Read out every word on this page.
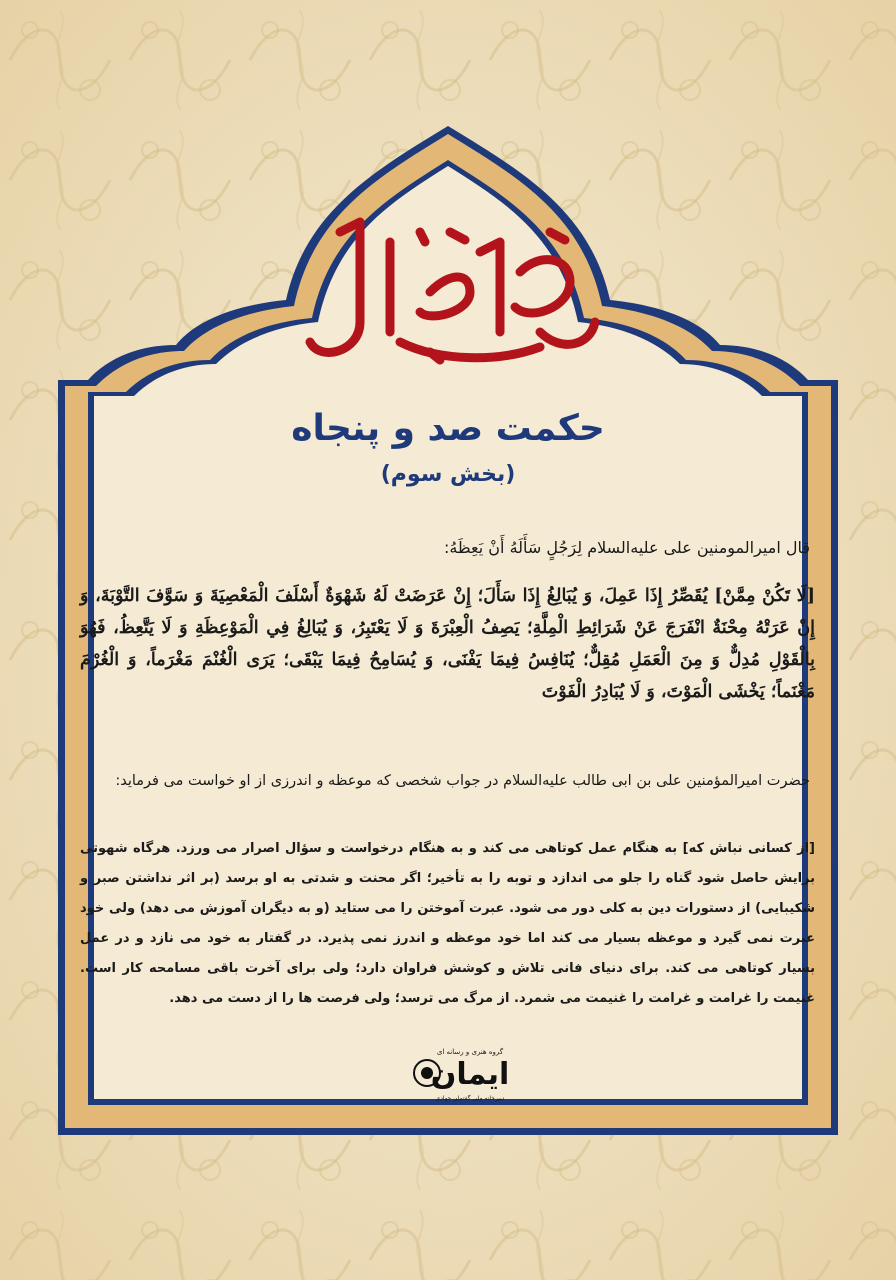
حکمت صد و پنجاه
(بخش سوم)
قال امیرالمومنین علی عليه‌السلام لِرَجُلٍ سَأَلَهُ أَنْ يَعِظَهُ:

[لَا تَكُنْ مِمَّنْ] يُقَصِّرُ إِذَا عَمِلَ، وَ يُبَالِغُ إِذَا سَأَلَ؛ إِنْ عَرَضَتْ لَهُ شَهْوَةٌ أَسْلَفَ الْمَعْصِيَةَ وَ سَوَّفَ التَّوْبَةَ، وَ إِنْ عَرَتْهُ مِحْنَةٌ انْفَرَجَ عَنْ شَرَائِطِ الْمِلَّةِ؛ يَصِفُ الْعِبْرَةَ وَ لَا يَعْتَبِرُ، وَ يُبَالِغُ فِي الْمَوْعِظَةِ وَ لَا يَتَّعِظُ، فَهُوَ بِالْقَوْلِ مُدِلٌّ وَ مِنَ الْعَمَلِ مُقِلٌّ؛ يُنَافِسُ فِيمَا يَفْنَى، وَ يُسَامِحُ فِيمَا يَبْقَى؛ يَرَى الْغُنْمَ مَغْرَماً، وَ الْغُرْمَ مَغْنَماً؛ يَخْشَى الْمَوْتَ، وَ لَا يُبَادِرُ الْفَوْتَ

حضرت امیرالمؤمنین علی بن ابی طالب عليه‌السلام در جواب شخصی که موعظه و اندرزی از او خواست می فرماید:

[از کسانی نباش که] به هنگام عمل کوتاهی می کند و به هنگام درخواست و سؤال اصرار می ورزد. هرگاه شهوتی برایش حاصل شود گناه را جلو می اندازد و توبه را به تأخیر؛ اگر محنت و شدتی به او برسد (بر اثر نداشتن صبر و شکیبایی) از دستورات دین به کلی دور می شود. عبرت آموختن را می ستاید (و به دیگران آموزش می دهد) ولی خود عبرت نمی گیرد و موعظه بسیار می کند اما خود موعظه و اندرز نمی پذیرد. در گفتار به خود می نازد و در عمل بسیار کوتاهی می کند. برای دنیای فانی تلاش و کوشش فراوان دارد؛ ولی برای آخرت باقی مسامحه کار است. غنیمت را غرامت و غرامت را غنیمت می شمرد. از مرگ می ترسد؛ ولی فرصت ها را از دست می دهد.

گروه هنری و رسانه ای
ایمان
دبیرخانه ملی گفتمان جهادی
